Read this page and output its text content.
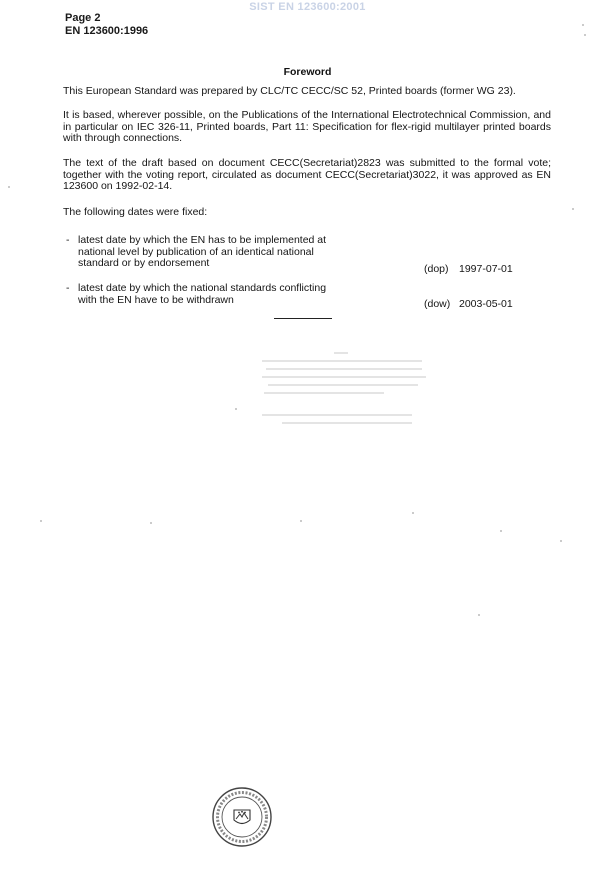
SIST EN 123600:2001
Page 2
EN 123600:1996
Foreword
This European Standard was prepared by CLC/TC CECC/SC 52, Printed boards (former WG 23).
It is based, wherever possible, on the Publications of the International Electrotechnical Commission, and in particular on IEC 326-11, Printed boards, Part 11: Specification for flex-rigid multilayer printed boards with through connections.
The text of the draft based on document CECC(Secretariat)2823 was submitted to the formal vote; together with the voting report, circulated as document CECC(Secretariat)3022, it was approved as EN 123600 on 1992-02-14.
The following dates were fixed:
- latest date by which the EN has to be implemented at national level by publication of an identical national standard or by endorsement	(dop) 1997-07-01
- latest date by which the national standards conflicting with the EN have to be withdrawn	(dow) 2003-05-01
